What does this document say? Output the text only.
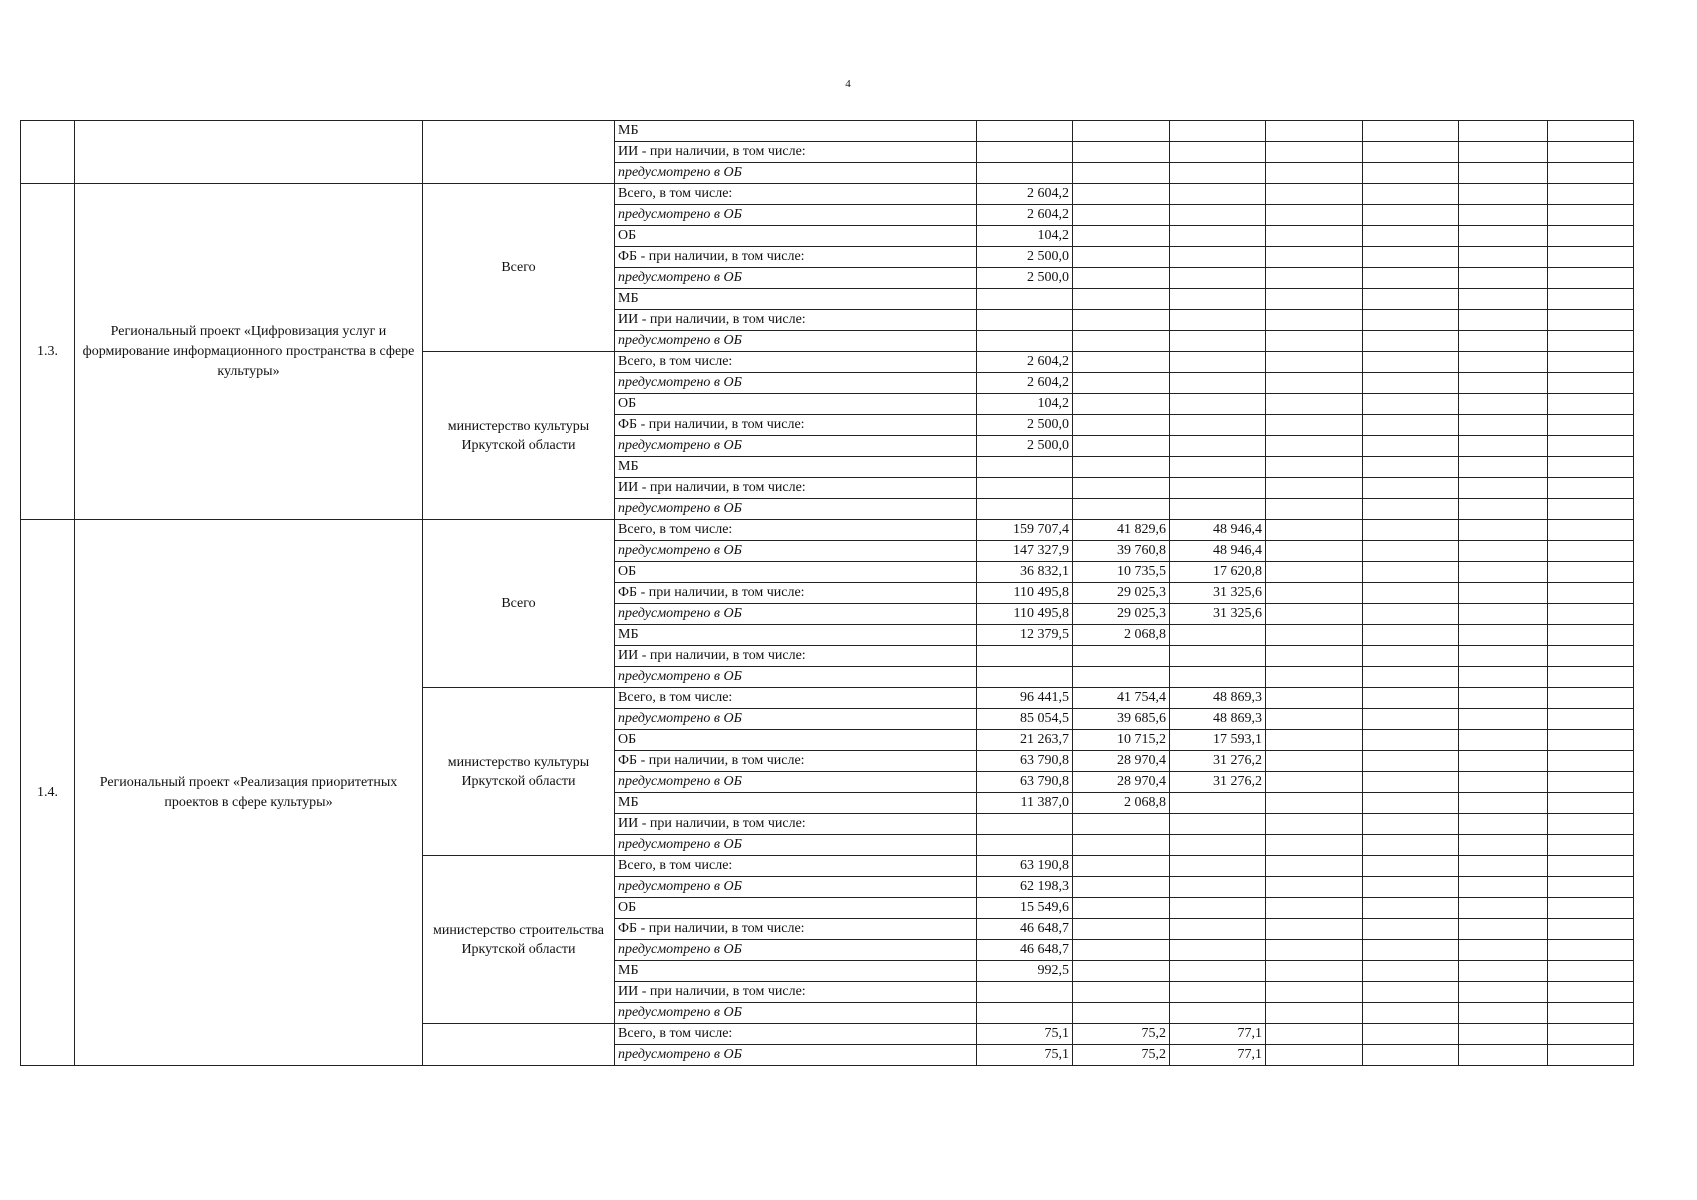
4
			МБ							
			ИИ - при наличии, в том числе:							
			предусмотрено в ОБ							
1.3.	Региональный проект «Цифровизация услуг и формирование информационного пространства в сфере культуры»	Всего	Всего, в том числе:	2 604,2						
			предусмотрено в ОБ	2 604,2						
			ОБ	104,2						
			ФБ - при наличии, в том числе:	2 500,0						
			предусмотрено в ОБ	2 500,0						
			МБ							
			ИИ - при наличии, в том числе:							
			предусмотрено в ОБ							
		министерство культуры Иркутской области	Всего, в том числе:	2 604,2						
			предусмотрено в ОБ	2 604,2						
			ОБ	104,2						
			ФБ - при наличии, в том числе:	2 500,0						
			предусмотрено в ОБ	2 500,0						
			МБ							
			ИИ - при наличии, в том числе:							
			предусмотрено в ОБ							
1.4.	Региональный проект «Реализация приоритетных проектов в сфере культуры»	Всего	Всего, в том числе:	159 707,4	41 829,6	48 946,4				
			предусмотрено в ОБ	147 327,9	39 760,8	48 946,4				
			ОБ	36 832,1	10 735,5	17 620,8				
			ФБ - при наличии, в том числе:	110 495,8	29 025,3	31 325,6				
			предусмотрено в ОБ	110 495,8	29 025,3	31 325,6				
			МБ	12 379,5	2 068,8					
			ИИ - при наличии, в том числе:							
			предусмотрено в ОБ							
		министерство культуры Иркутской области	Всего, в том числе:	96 441,5	41 754,4	48 869,3				
			предусмотрено в ОБ	85 054,5	39 685,6	48 869,3				
			ОБ	21 263,7	10 715,2	17 593,1				
			ФБ - при наличии, в том числе:	63 790,8	28 970,4	31 276,2				
			предусмотрено в ОБ	63 790,8	28 970,4	31 276,2				
			МБ	11 387,0	2 068,8					
			ИИ - при наличии, в том числе:							
			предусмотрено в ОБ							
		министерство строительства Иркутской области	Всего, в том числе:	63 190,8						
			предусмотрено в ОБ	62 198,3						
			ОБ	15 549,6						
			ФБ - при наличии, в том числе:	46 648,7						
			предусмотрено в ОБ	46 648,7						
			МБ	992,5						
			ИИ - при наличии, в том числе:							
			предусмотрено в ОБ							
			Всего, в том числе:	75,1	75,2	77,1				
			предусмотрено в ОБ	75,1	75,2	77,1				
